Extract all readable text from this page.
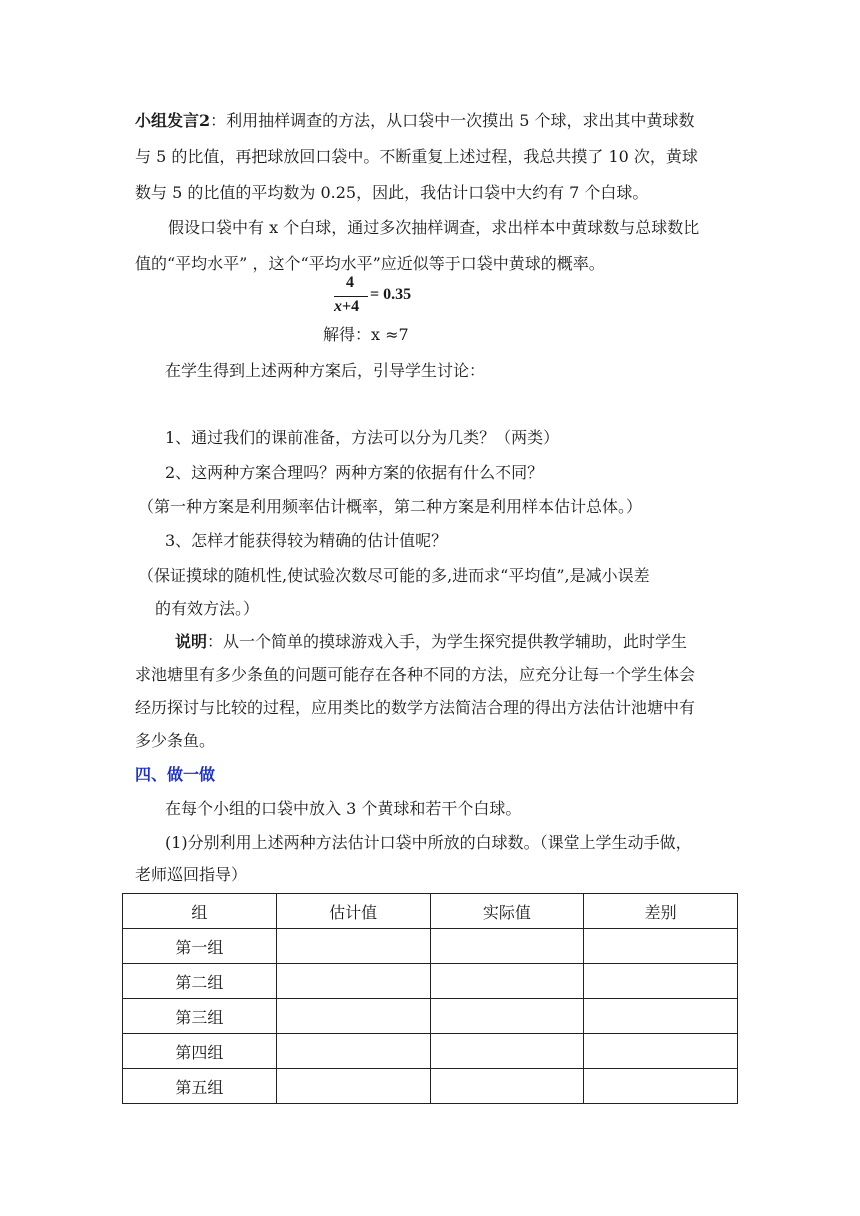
小组发言2：利用抽样调查的方法，从口袋中一次摸出 5 个球，求出其中黄球数
与 5 的比值，再把球放回口袋中。不断重复上述过程，我总共摸了 10 次，黄球
数与 5 的比值的平均数为 0.25，因此，我估计口袋中大约有 7 个白球。
假设口袋中有 x 个白球，通过多次抽样调查，求出样本中黄球数与总球数比
值的“平均水平” ，这个“平均水平”应近似等于口袋中黄球的概率。
4
x+4
= 0.35
解得：x ≈7
在学生得到上述两种方案后，引导学生讨论：
1、通过我们的课前准备，方法可以分为几类？（两类）
2、这两种方案合理吗？两种方案的依据有什么不同？
（第一种方案是利用频率估计概率，第二种方案是利用样本估计总体。）
3、怎样才能获得较为精确的估计值呢？
（保证摸球的随机性,使试验次数尽可能的多,进而求“平均值”,是减小误差
的有效方法。）
说明：从一个简单的摸球游戏入手，为学生探究提供教学辅助，此时学生
求池塘里有多少条鱼的问题可能存在各种不同的方法，应充分让每一个学生体会
经历探讨与比较的过程，应用类比的数学方法简洁合理的得出方法估计池塘中有
多少条鱼。
四、做一做
在每个小组的口袋中放入 3 个黄球和若干个白球。
(1)分别利用上述两种方法估计口袋中所放的白球数。（课堂上学生动手做，
老师巡回指导）
组	估计值	实际值	差别
第一组			
第二组			
第三组			
第四组			
第五组			
